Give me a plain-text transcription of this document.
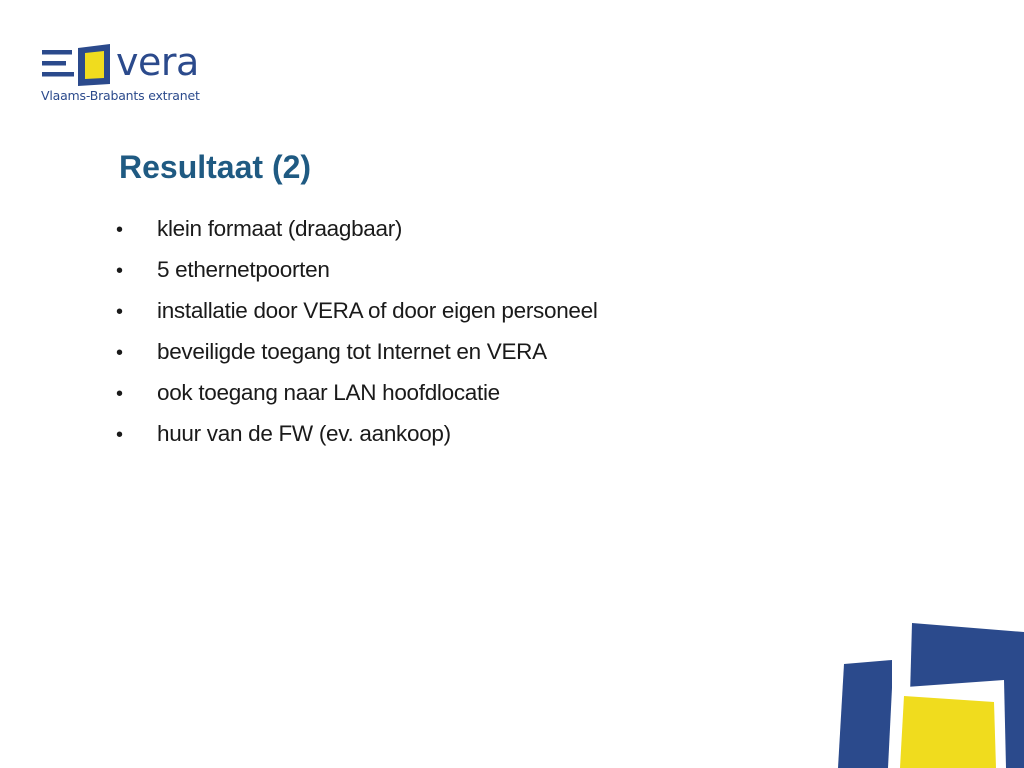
vera
Vlaams-Brabants extranet
Resultaat (2)
•	klein formaat (draagbaar)
•	5 ethernetpoorten
•	installatie door VERA of door eigen personeel
•	beveiligde toegang tot Internet en VERA
•	ook toegang naar LAN hoofdlocatie
•	huur van de FW (ev. aankoop)
